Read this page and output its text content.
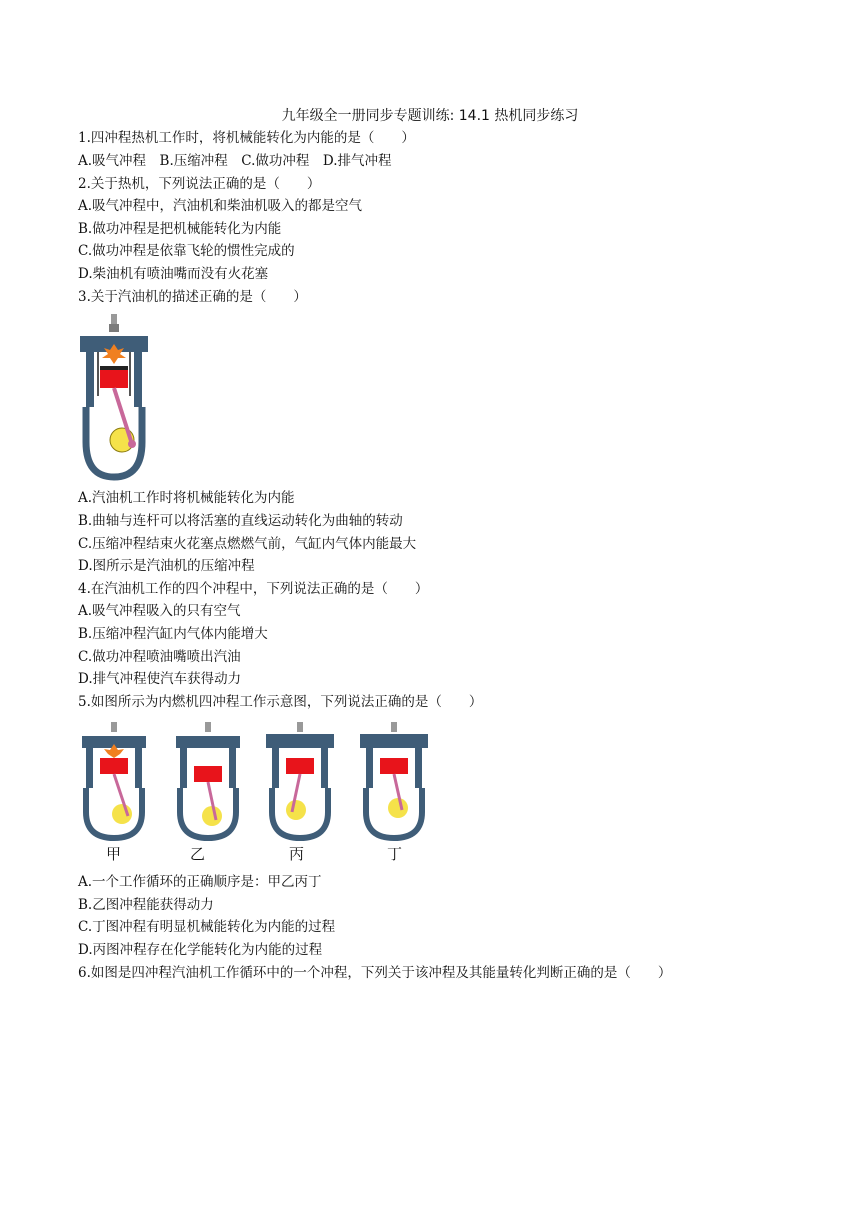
九年级全一册同步专题训练: 14.1 热机同步练习
1.四冲程热机工作时，将机械能转化为内能的是（　　）
A.吸气冲程　B.压缩冲程　C.做功冲程　D.排气冲程
2.关于热机，下列说法正确的是（　　）
A.吸气冲程中，汽油机和柴油机吸入的都是空气
B.做功冲程是把机械能转化为内能
C.做功冲程是依靠飞轮的惯性完成的
D.柴油机有喷油嘴而没有火花塞
3.关于汽油机的描述正确的是（　　）
A.汽油机工作时将机械能转化为内能
B.曲轴与连杆可以将活塞的直线运动转化为曲轴的转动
C.压缩冲程结束火花塞点燃燃气前，气缸内气体内能最大
D.图所示是汽油机的压缩冲程
4.在汽油机工作的四个冲程中，下列说法正确的是（　　）
A.吸气冲程吸入的只有空气
B.压缩冲程汽缸内气体内能增大
C.做功冲程喷油嘴喷出汽油
D.排气冲程使汽车获得动力
5.如图所示为内燃机四冲程工作示意图，下列说法正确的是（　　）
甲	乙	丙	丁
A.一个工作循环的正确顺序是：甲乙丙丁
B.乙图冲程能获得动力
C.丁图冲程有明显机械能转化为内能的过程
D.丙图冲程存在化学能转化为内能的过程
6.如图是四冲程汽油机工作循环中的一个冲程，下列关于该冲程及其能量转化判断正确的是（　　）
